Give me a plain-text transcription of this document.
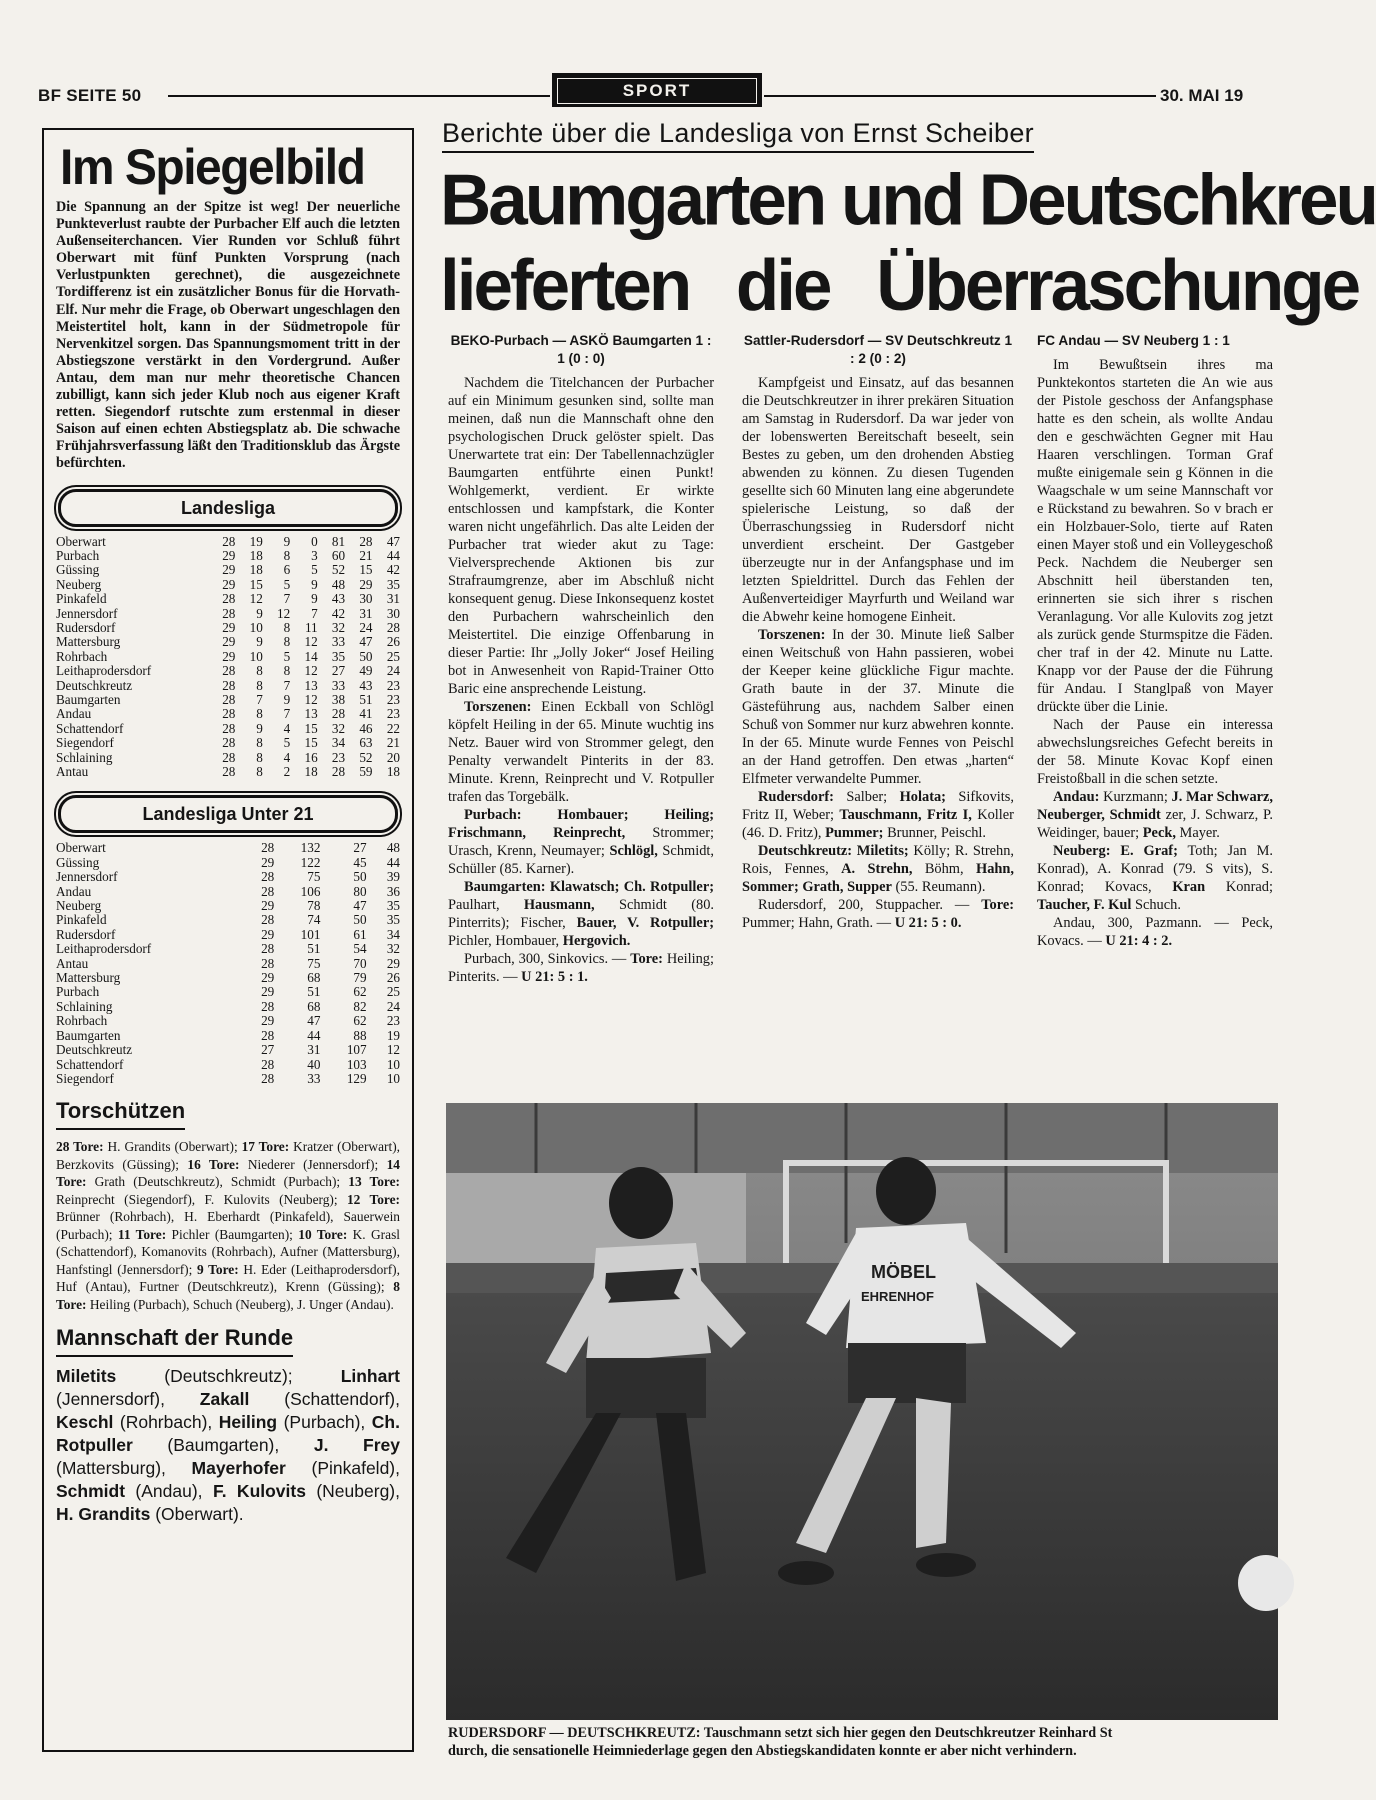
BF SEITE 50	SPORT	30. MAI 19
Im Spiegelbild

Die Spannung an der Spitze ist weg! Der neuerliche Punkteverlust raubte der Purbacher Elf auch die letzten Außenseiterchancen. Vier Runden vor Schluß führt Oberwart mit fünf Punkten Vorsprung (nach Verlustpunkten gerechnet), die ausgezeichnete Tordifferenz ist ein zusätzlicher Bonus für die Horvath-Elf. Nur mehr die Frage, ob Oberwart ungeschlagen den Meistertitel holt, kann in der Südmetropole für Nervenkitzel sorgen. Das Spannungsmoment tritt in der Abstiegszone verstärkt in den Vordergrund. Außer Antau, dem man nur mehr theoretische Chancen zubilligt, kann sich jeder Klub noch aus eigener Kraft retten. Siegendorf rutschte zum erstenmal in dieser Saison auf einen echten Abstiegsplatz ab. Die schwache Frühjahrsverfassung läßt den Traditionsklub das Ärgste befürchten.

Landesliga
Oberwart	28	19	9	0	81	28	47
Purbach	29	18	8	3	60	21	44
Güssing	29	18	6	5	52	15	42
Neuberg	29	15	5	9	48	29	35
Pinkafeld	28	12	7	9	43	30	31
Jennersdorf	28	9	12	7	42	31	30
Rudersdorf	29	10	8	11	32	24	28
Mattersburg	29	9	8	12	33	47	26
Rohrbach	29	10	5	14	35	50	25
Leithaprodersdorf	28	8	8	12	27	49	24
Deutschkreutz	28	8	7	13	33	43	23
Baumgarten	28	7	9	12	38	51	23
Andau	28	8	7	13	28	41	23
Schattendorf	28	9	4	15	32	46	22
Siegendorf	28	8	5	15	34	63	21
Schlaining	28	8	4	16	23	52	20
Antau	28	8	2	18	28	59	18
Landesliga Unter 21
Oberwart	28	132	27	48
Güssing	29	122	45	44
Jennersdorf	28	75	50	39
Andau	28	106	80	36
Neuberg	29	78	47	35
Pinkafeld	28	74	50	35
Rudersdorf	29	101	61	34
Leithaprodersdorf	28	51	54	32
Antau	28	75	70	29
Mattersburg	29	68	79	26
Purbach	29	51	62	25
Schlaining	28	68	82	24
Rohrbach	29	47	62	23
Baumgarten	28	44	88	19
Deutschkreutz	27	31	107	12
Schattendorf	28	40	103	10
Siegendorf	28	33	129	10
Torschützen

28 Tore: H. Grandits (Oberwart); 17 Tore: Kratzer (Oberwart), Berzkovits (Güssing); 16 Tore: Niederer (Jennersdorf); 14 Tore: Grath (Deutschkreutz), Schmidt (Purbach); 13 Tore: Reinprecht (Siegendorf), F. Kulovits (Neuberg); 12 Tore: Brünner (Rohrbach), H. Eberhardt (Pinkafeld), Sauerwein (Purbach); 11 Tore: Pichler (Baumgarten); 10 Tore: K. Grasl (Schattendorf), Komanovits (Rohrbach), Aufner (Mattersburg), Hanfstingl (Jennersdorf); 9 Tore: H. Eder (Leithaprodersdorf), Huf (Antau), Furtner (Deutschkreutz), Krenn (Güssing); 8 Tore: Heiling (Purbach), Schuch (Neuberg), J. Unger (Andau).

Mannschaft der Runde

Miletits (Deutschkreutz); Linhart (Jennersdorf), Zakall (Schattendorf), Keschl (Rohrbach), Heiling (Purbach), Ch. Rotpuller (Baumgarten), J. Frey (Mattersburg), Mayerhofer (Pinkafeld), Schmidt (Andau), F. Kulovits (Neuberg), H. Grandits (Oberwart).

Berichte über die Landesliga von Ernst Scheiber
Baumgarten und Deutschkreu
lieferten die Überraschunge
BEKO-Purbach — ASKÖ Baumgarten 1 : 1 (0 : 0)

Nachdem die Titelchancen der Purbacher auf ein Minimum gesunken sind, sollte man meinen, daß nun die Mannschaft ohne den psychologischen Druck gelöster spielt. Das Unerwartete trat ein: Der Tabellennachzügler Baumgarten entführte einen Punkt! Wohlgemerkt, verdient. Er wirkte entschlossen und kampfstark, die Konter waren nicht ungefährlich. Das alte Leiden der Purbacher trat wieder akut zu Tage: Vielversprechende Aktionen bis zur Strafraumgrenze, aber im Abschluß nicht konsequent genug. Diese Inkonsequenz kostet den Purbachern wahrscheinlich den Meistertitel. Die einzige Offenbarung in dieser Partie: Ihr „Jolly Joker“ Josef Heiling bot in Anwesenheit von Rapid-Trainer Otto Baric eine ansprechende Leistung.

Torszenen: Einen Eckball von Schlögl köpfelt Heiling in der 65. Minute wuchtig ins Netz. Bauer wird von Strommer gelegt, den Penalty verwandelt Pinterits in der 83. Minute. Krenn, Reinprecht und V. Rotpuller trafen das Torgebälk.

Purbach: Hombauer; Heiling; Frischmann, Reinprecht, Strommer; Urasch, Krenn, Neumayer; Schlögl, Schmidt, Schüller (85. Karner).

Baumgarten: Klawatsch; Ch. Rotpuller; Paulhart, Hausmann, Schmidt (80. Pinterrits); Fischer, Bauer, V. Rotpuller; Pichler, Hombauer, Hergovich.

Purbach, 300, Sinkovics. — Tore: Heiling; Pinterits. — U 21: 5 : 1.

Sattler-Rudersdorf — SV Deutschkreutz 1 : 2 (0 : 2)

Kampfgeist und Einsatz, auf das besannen die Deutschkreutzer in ihrer prekären Situation am Samstag in Rudersdorf. Da war jeder von der lobenswerten Bereitschaft beseelt, sein Bestes zu geben, um den drohenden Abstieg abwenden zu können. Zu diesen Tugenden gesellte sich 60 Minuten lang eine abgerundete spielerische Leistung, so daß der Überraschungssieg in Rudersdorf nicht unverdient erscheint. Der Gastgeber überzeugte nur in der Anfangsphase und im letzten Spieldrittel. Durch das Fehlen der Außenverteidiger Mayrfurth und Weiland war die Abwehr keine homogene Einheit.

Torszenen: In der 30. Minute ließ Salber einen Weitschuß von Hahn passieren, wobei der Keeper keine glückliche Figur machte. Grath baute in der 37. Minute die Gästeführung aus, nachdem Salber einen Schuß von Sommer nur kurz abwehren konnte. In der 65. Minute wurde Fennes von Peischl an der Hand getroffen. Den etwas „harten“ Elfmeter verwandelte Pummer.

Rudersdorf: Salber; Holata; Sifkovits, Fritz II, Weber; Tauschmann, Fritz I, Koller (46. D. Fritz), Pummer; Brunner, Peischl.

Deutschkreutz: Miletits; Kölly; R. Strehn, Rois, Fennes, A. Strehn, Böhm, Hahn, Sommer; Grath, Supper (55. Reumann).

Rudersdorf, 200, Stuppacher. — Tore: Pummer; Hahn, Grath. — U 21: 5 : 0.

FC Andau — SV Neuberg 1 : 1

Im Bewußtsein ihres ma Punktekontos starteten die An wie aus der Pistole geschoss der Anfangsphase hatte es den schein, als wollte Andau den e geschwächten Gegner mit Hau Haaren verschlingen. Torman Graf mußte einigemale sein g Können in die Waagschale w um seine Mannschaft vor e Rückstand zu bewahren. So v brach er ein Holzbauer-Solo, tierte auf Raten einen Mayer stoß und ein Volleygeschoß Peck. Nachdem die Neuberger sen Abschnitt heil überstanden ten, erinnerten sie sich ihrer s rischen Veranlagung. Vor alle Kulovits zog jetzt als zurück gende Sturmspitze die Fäden. cher traf in der 42. Minute nu Latte. Knapp vor der Pause der die Führung für Andau. I Stanglpaß von Mayer drückte über die Linie.

Nach der Pause ein interessa abwechslungsreiches Gefecht bereits in der 58. Minute Kovac Kopf einen Freistoßball in die schen setzte.

Andau: Kurzmann; J. Mar Schwarz, Neuberger, Schmidt zer, J. Schwarz, P. Weidinger, bauer; Peck, Mayer.

Neuberg: E. Graf; Toth; Jan M. Konrad), A. Konrad (79. S vits), S. Konrad; Kovacs, Kran Konrad; Taucher, F. Kul Schuch.

Andau, 300, Pazmann. — Peck, Kovacs. — U 21: 4 : 2.

MÖBEL
EHRENHOF
RUDERSDORF — DEUTSCHKREUTZ: Tauschmann setzt sich hier gegen den Deutschkreutzer Reinhard St
durch, die sensationelle Heimniederlage gegen den Abstiegskandidaten konnte er aber nicht verhindern.
